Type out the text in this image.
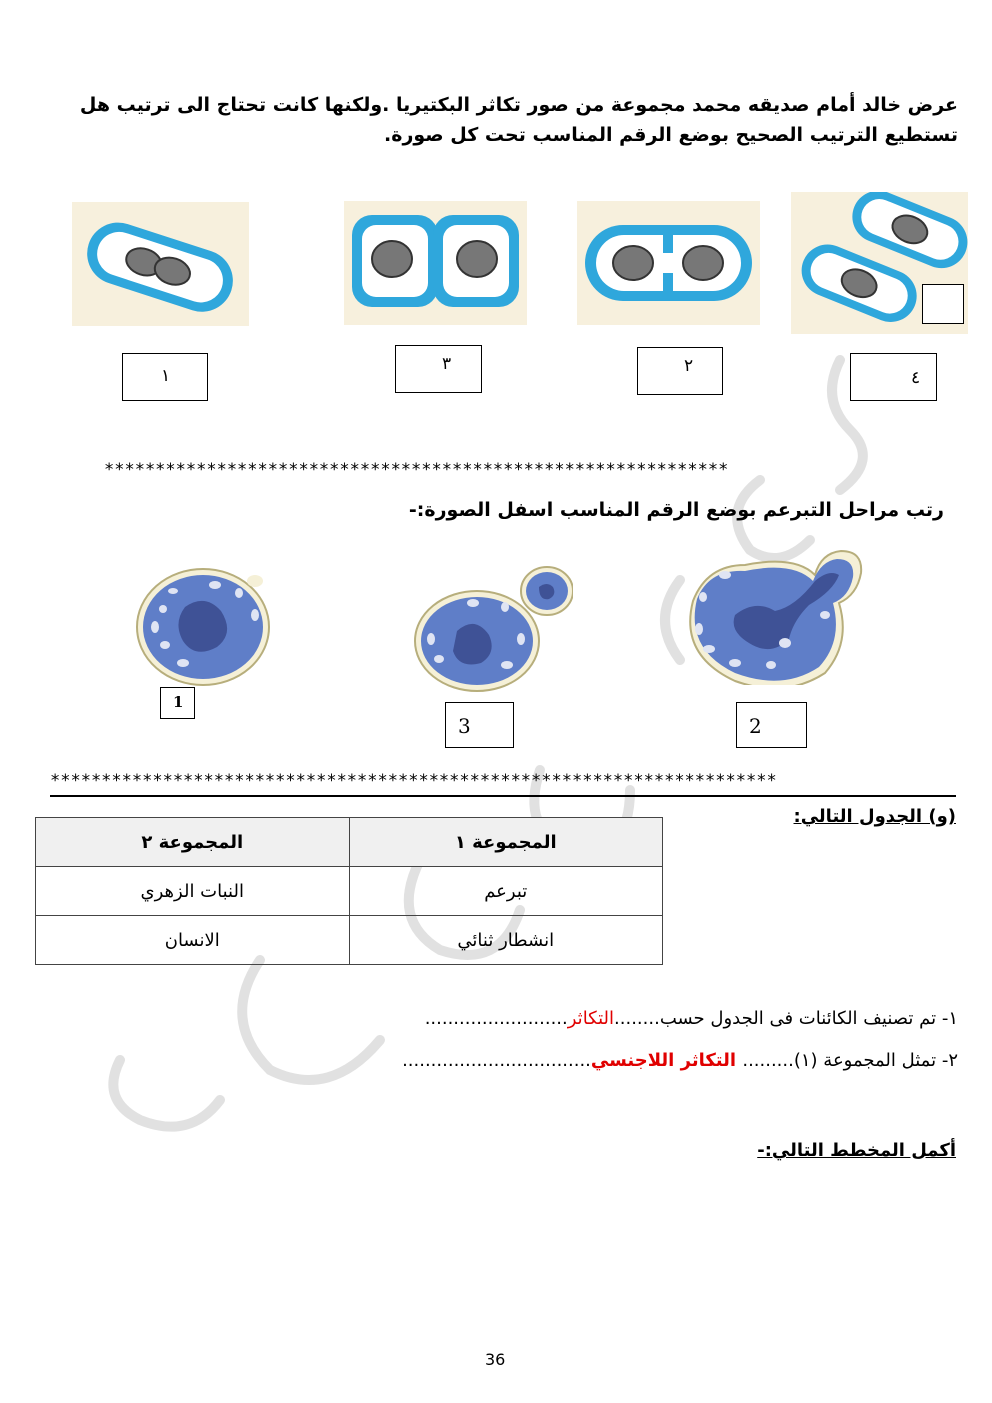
عرض خالد أمام صديقه محمد مجموعة من صور تكاثر البكتيريا .ولكنها كانت تحتاج الى ترتيب هل
تستطيع الترتيب الصحيح بوضع الرقم المناسب تحت كل صورة.
١
٣	٢
٤
*************************************************************
رتب مراحل التبرعم بوضع الرقم المناسب اسفل الصورة:-
1
3	2
***********************************************************************
(و) الجدول التالي:
المجموعة ٢	المجموعة ١
النبات الزهري	تبرعم
الانسان	انشطار ثنائي
١- تم تصنيف الكائنات فى الجدول حسب........التكاثر.........................
٢- تمثل المجموعة (١)......... التكاثر اللاجنسي.................................
أكمل المخطط التالي:-
36
